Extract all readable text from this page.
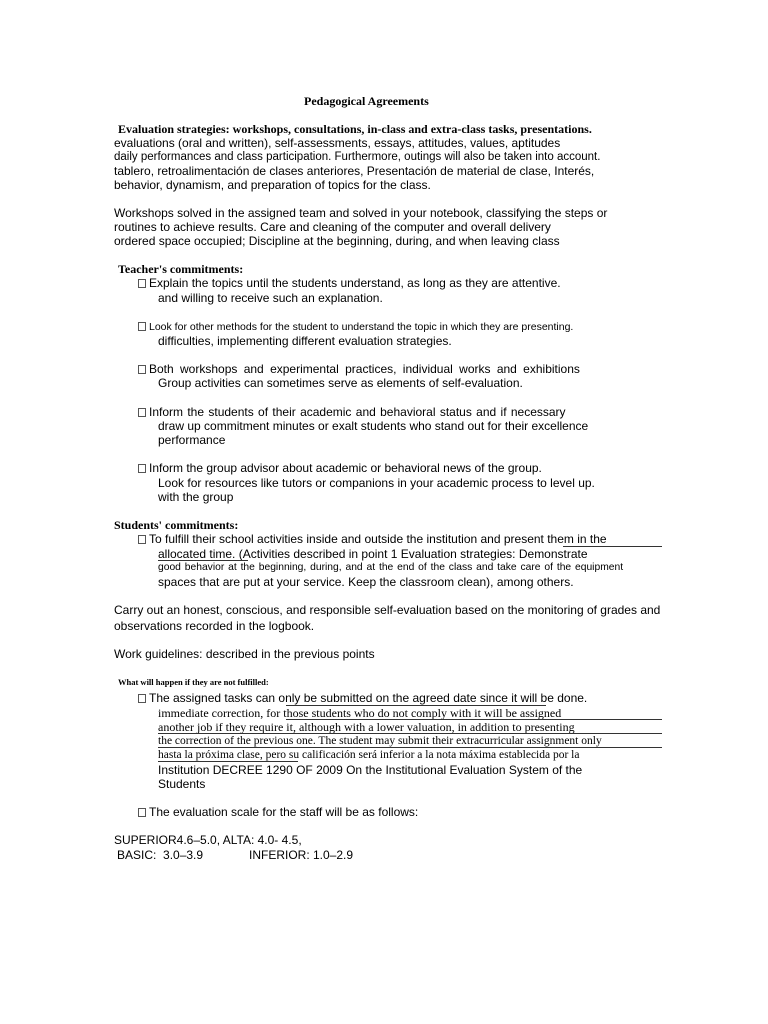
Pedagogical Agreements
Evaluation strategies: workshops, consultations, in-class and extra-class tasks, presentations.
evaluations (oral and written), self-assessments, essays, attitudes, values, aptitudes
daily performances and class participation. Furthermore, outings will also be taken into account.
tablero, retroalimentación de clases anteriores, Presentación de material de clase, Interés,
behavior, dynamism, and preparation of topics for the class.
Workshops solved in the assigned team and solved in your notebook, classifying the steps or
routines to achieve results. Care and cleaning of the computer and overall delivery
ordered space occupied; Discipline at the beginning, during, and when leaving class
Teacher's commitments:
Explain the topics until the students understand, as long as they are attentive.
and willing to receive such an explanation.
Look for other methods for the student to understand the topic in which they are presenting.
difficulties, implementing different evaluation strategies.
Both workshops and experimental practices, individual works and exhibitions
Group activities can sometimes serve as elements of self-evaluation.
Inform the students of their academic and behavioral status and if necessary
draw up commitment minutes or exalt students who stand out for their excellence
performance
Inform the group advisor about academic or behavioral news of the group.
Look for resources like tutors or companions in your academic process to level up.
with the group
Students' commitments:
To fulfill their school activities inside and outside the institution and present them in the
allocated time. (Activities described in point 1 Evaluation strategies: Demonstrate
good behavior at the beginning, during, and at the end of the class and take care of the equipment
spaces that are put at your service. Keep the classroom clean), among others.
Carry out an honest, conscious, and responsible self-evaluation based on the monitoring of grades and
observations recorded in the logbook.
Work guidelines: described in the previous points
What will happen if they are not fulfilled:
The assigned tasks can only be submitted on the agreed date since it will be done.
immediate correction, for those students who do not comply with it will be assigned
another job if they require it, although with a lower valuation, in addition to presenting
the correction of the previous one. The student may submit their extracurricular assignment only
hasta la próxima clase, pero su calificación será inferior a la nota máxima establecida por la
Institution DECREE 1290 OF 2009 On the Institutional Evaluation System of the
Students
The evaluation scale for the staff will be as follows:
SUPERIOR4.6–5.0, ALTA: 4.0- 4.5,
BASIC:  3.0–3.9	INFERIOR: 1.0–2.9
